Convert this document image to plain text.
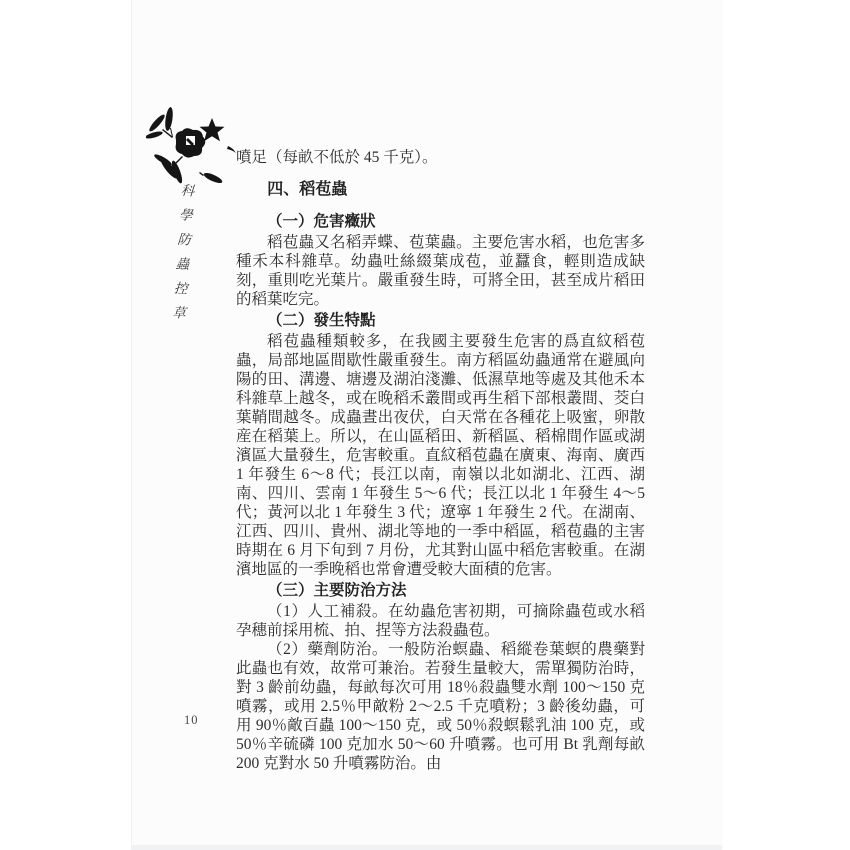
科學防蟲控草

噴足（每畝不低於 45 千克）。

四、稻苞蟲
（一）危害癥狀

稻苞蟲又名稻弄蝶、苞葉蟲。主要危害水稻，也危害多種禾本科雜草。幼蟲吐絲綴葉成苞，並蠶食，輕則造成缺刻，重則吃光葉片。嚴重發生時，可將全田，甚至成片稻田的稻葉吃完。

（二）發生特點

稻苞蟲種類較多，在我國主要發生危害的爲直紋稻苞蟲，局部地區間歇性嚴重發生。南方稻區幼蟲通常在避風向陽的田、溝邊、塘邊及湖泊淺灘、低濕草地等處及其他禾本科雜草上越冬，或在晚稻禾叢間或再生稻下部根叢間、茭白葉鞘間越冬。成蟲晝出夜伏，白天常在各種花上吸蜜，卵散産在稻葉上。所以，在山區稻田、新稻區、稻棉間作區或湖濱區大量發生，危害較重。直紋稻苞蟲在廣東、海南、廣西 1 年發生 6～8 代；長江以南，南嶺以北如湖北、江西、湖南、四川、雲南 1 年發生 5～6 代；長江以北 1 年發生 4～5 代；黃河以北 1 年發生 3 代；遼寧 1 年發生 2 代。在湖南、江西、四川、貴州、湖北等地的一季中稻區，稻苞蟲的主害時期在 6 月下旬到 7 月份，尤其對山區中稻危害較重。在湖濱地區的一季晚稻也常會遭受較大面積的危害。

（三）主要防治方法

（1）人工補殺。在幼蟲危害初期，可摘除蟲苞或水稻孕穗前採用梳、拍、捏等方法殺蟲苞。

（2）藥劑防治。一般防治螟蟲、稻縱卷葉螟的農藥對此蟲也有效，故常可兼治。若發生量較大，需單獨防治時，對 3 齡前幼蟲，每畝每次可用 18％殺蟲雙水劑 100～150 克噴霧，或用 2.5％甲敵粉 2～2.5 千克噴粉；3 齡後幼蟲，可用 90％敵百蟲 100～150 克，或 50％殺螟鬆乳油 100 克，或 50％辛硫磷 100 克加水 50～60 升噴霧。也可用 Bt 乳劑每畝 200 克對水 50 升噴霧防治。由

10
